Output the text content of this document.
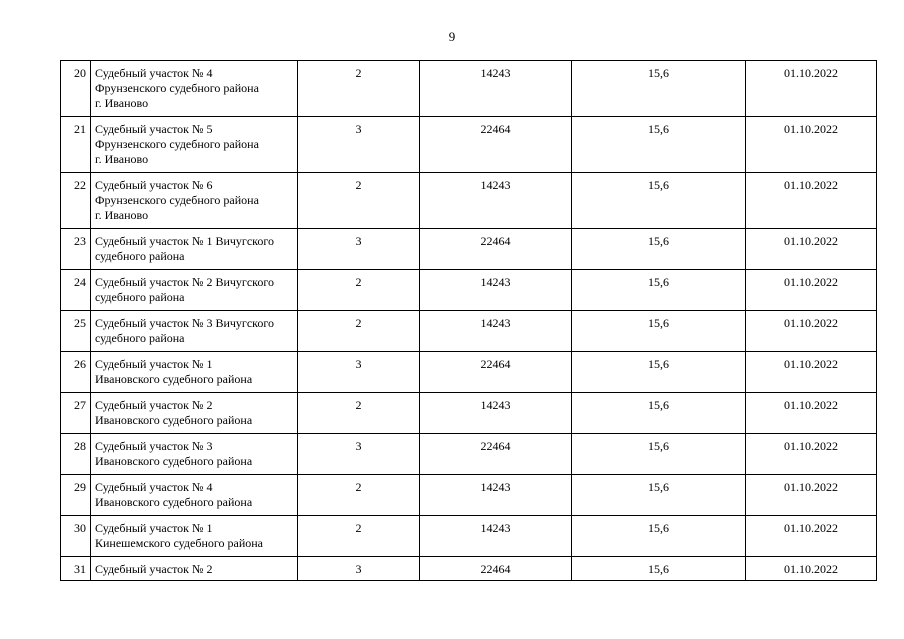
9
20	Судебный участок № 4
Фрунзенского судебного района
г. Иваново	2	14243	15,6	01.10.2022
21	Судебный участок № 5
Фрунзенского судебного района
г. Иваново	3	22464	15,6	01.10.2022
22	Судебный участок № 6
Фрунзенского судебного района
г. Иваново	2	14243	15,6	01.10.2022
23	Судебный участок № 1 Вичугского
судебного района	3	22464	15,6	01.10.2022
24	Судебный участок № 2 Вичугского
судебного района	2	14243	15,6	01.10.2022
25	Судебный участок № 3 Вичугского
судебного района	2	14243	15,6	01.10.2022
26	Судебный участок № 1
Ивановского судебного района	3	22464	15,6	01.10.2022
27	Судебный участок № 2
Ивановского судебного района	2	14243	15,6	01.10.2022
28	Судебный участок № 3
Ивановского судебного района	3	22464	15,6	01.10.2022
29	Судебный участок № 4
Ивановского судебного района	2	14243	15,6	01.10.2022
30	Судебный участок № 1
Кинешемского судебного района	2	14243	15,6	01.10.2022
31	Судебный участок № 2	3	22464	15,6	01.10.2022
